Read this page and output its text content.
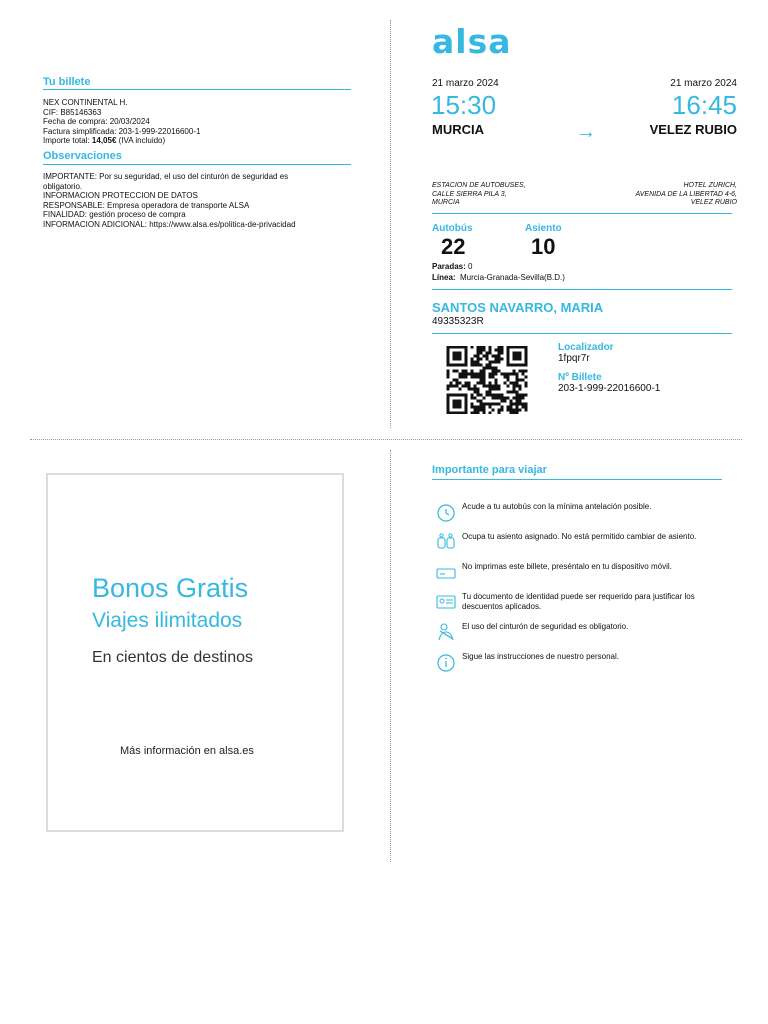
Tu billete
NEX CONTINENTAL H.
CIF: B85146363
Fecha de compra: 20/03/2024
Factura simplificada: 203-1-999-22016600-1
Importe total: 14,05€ (IVA incluido)
Observaciones
IMPORTANTE: Por su seguridad, el uso del cinturón de seguridad es
obligatorio.
INFORMACION PROTECCION DE DATOS
RESPONSABLE: Empresa operadora de transporte ALSA
FINALIDAD: gestión proceso de compra
INFORMACION ADICIONAL: https://www.alsa.es/politica-de-privacidad
alsa
21 marzo 2024	21 marzo 2024
15:30	16:45
MURCIA	→	VELEZ RUBIO
ESTACION DE AUTOBUSES,
CALLE SIERRA PILA 3,
MURCIA
HOTEL ZURICH,
AVENIDA DE LA LIBERTAD 4-6,
VELEZ RUBIO
Autobús
22
Asiento
10
Paradas: 0
Línea: Murcia-Granada-Sevilla(B.D.)
SANTOS NAVARRO, MARIA
49335323R
Localizador
1fpqr7r
Nº Billete
203-1-999-22016600-1
Bonos Gratis
Viajes ilimitados
En cientos de destinos
Más información en alsa.es
Importante para viajar
Acude a tu autobús con la mínima antelación posible.
Ocupa tu asiento asignado. No está permitido cambiar de asiento.
No imprimas este billete, preséntalo en tu dispositivo móvil.
Tu documento de identidad puede ser requerido para justificar los descuentos aplicados.
El uso del cinturón de seguridad es obligatorio.
Sigue las instrucciones de nuestro personal.
